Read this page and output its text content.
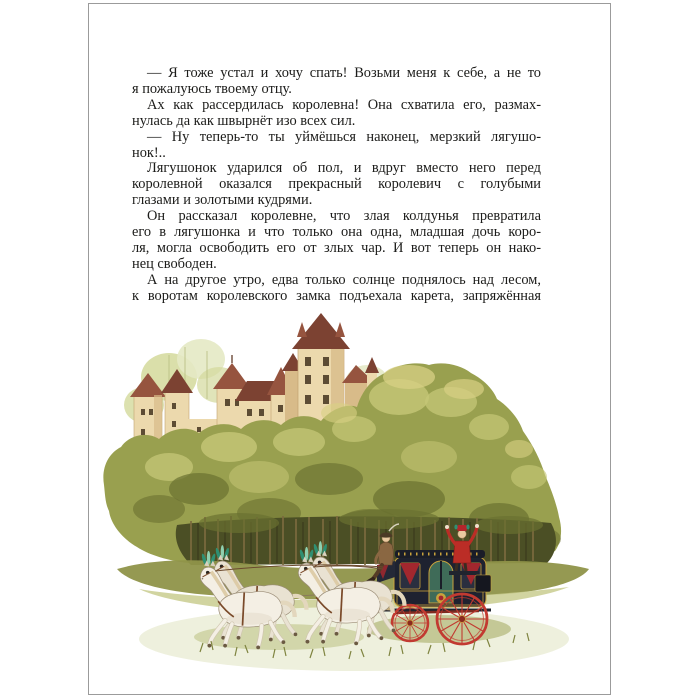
— Я тоже устал и хочу спать! Возьми меня к себе, а не то
я пожалуюсь твоему отцу.
Ах как рассердилась королевна! Она схватила его, размах-
нулась да как швырнёт изо всех сил.
— Ну теперь-то ты уймёшься наконец, мерзкий лягушо-
нок!..
Лягушонок ударился об пол, и вдруг вместо него перед
королевной оказался прекрасный королевич с голубыми
глазами и золотыми кудрями.
Он рассказал королевне, что злая колдунья превратила
его в лягушонка и что только она одна, младшая дочь коро-
ля, могла освободить его от злых чар. И вот теперь он нако-
нец свободен.
А на другое утро, едва только солнце поднялось над лесом,
к воротам королевского замка подъехала карета, запряжённая
